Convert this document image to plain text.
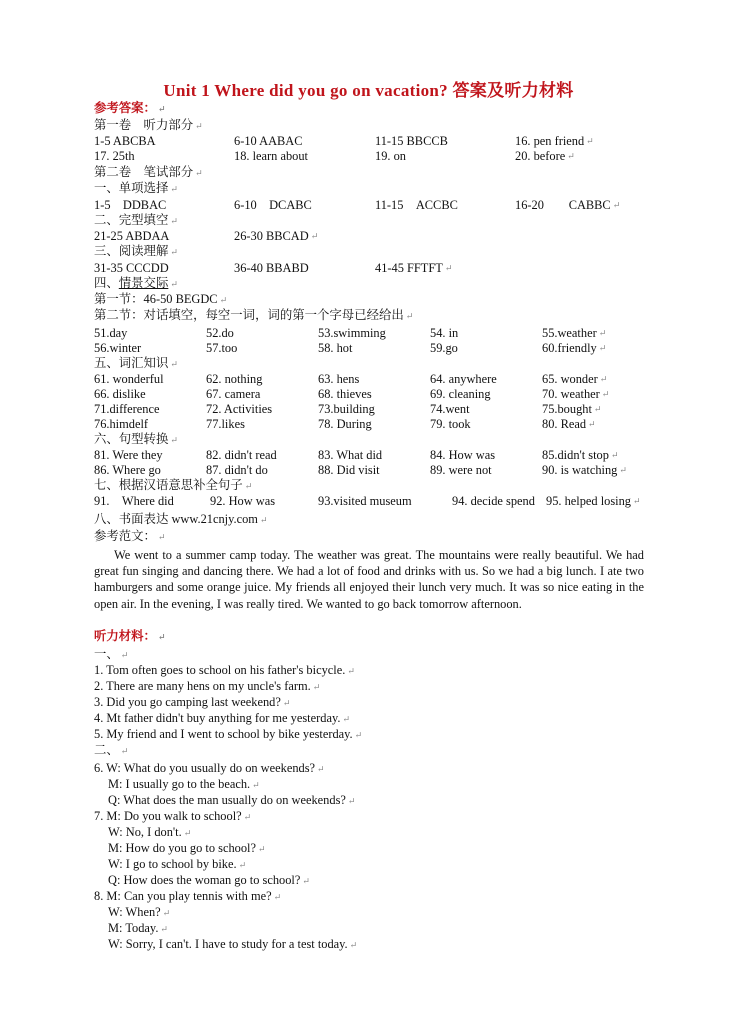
Unit 1 Where did you go on vacation? 答案及听力材料
参考答案： ↵
第一卷　听力部分 ↵
1-5 ABCBA	6-10 AABAC	11-15 BBCCB	16. pen friend ↵
17. 25th	18. learn about	19. on	20. before ↵
第二卷　笔试部分 ↵
一、单项选择 ↵
1-5　DDBAC	6-10　DCABC	11-15　ACCBC	16-20　　CABBC ↵
二、完型填空 ↵
21-25 ABDAA	26-30 BBCAD ↵
三、阅读理解 ↵
31-35 CCCDD	36-40 BBABD	41-45 FFTFT ↵
四、情景交际 ↵
第一节：46-50 BEGDC ↵
第二节：对话填空，每空一词，词的第一个字母已经给出 ↵
51.day	52.do	53.swimming	54. in	55.weather ↵
56.winter	57.too	58. hot	59.go	60.friendly ↵
五、词汇知识 ↵
61. wonderful	62. nothing	63. hens	64. anywhere	65. wonder ↵
66. dislike	67. camera	68. thieves	69. cleaning	70. weather ↵
71.difference	72. Activities	73.building	74.went	75.bought ↵
76.himdelf	77.likes	78. During	79. took	80. Read ↵
六、句型转换 ↵
81. Were they	82. didn't read	83. What did	84. How was	85.didn't stop ↵
86. Where go	87. didn't do	88. Did visit	89. were not	90. is watching ↵
七、根据汉语意思补全句子 ↵
91.　Where did	92. How was	93.visited museum	94. decide spend 95. helped losing ↵
八、书面表达 www.21cnjy.com ↵
参考范文： ↵
We went to a summer camp today. The weather was great. The mountains were really beautiful. We had great fun singing and dancing there. We had a lot of food and drinks with us. So we had a big lunch. I ate two hamburgers and some orange juice. My friends all enjoyed their lunch very much. It was so nice eating in the open air. In the evening, I was really tired. We wanted to go back tomorrow afternoon.
听力材料： ↵
一、 ↵
1. Tom often goes to school on his father's bicycle. ↵
2. There are many hens on my uncle's farm. ↵
3. Did you go camping last weekend? ↵
4. Mt father didn't buy anything for me yesterday. ↵
5. My friend and I went to school by bike yesterday. ↵
二、 ↵
6. W: What do you usually do on weekends? ↵
M: I usually go to the beach. ↵
Q: What does the man usually do on weekends? ↵
7. M: Do you walk to school? ↵
W: No, I don't. ↵
M: How do you go to school? ↵
W: I go to school by bike. ↵
Q: How does the woman go to school? ↵
8. M: Can you play tennis with me? ↵
W: When? ↵
M: Today. ↵
W: Sorry, I can't. I have to study for a test today. ↵
